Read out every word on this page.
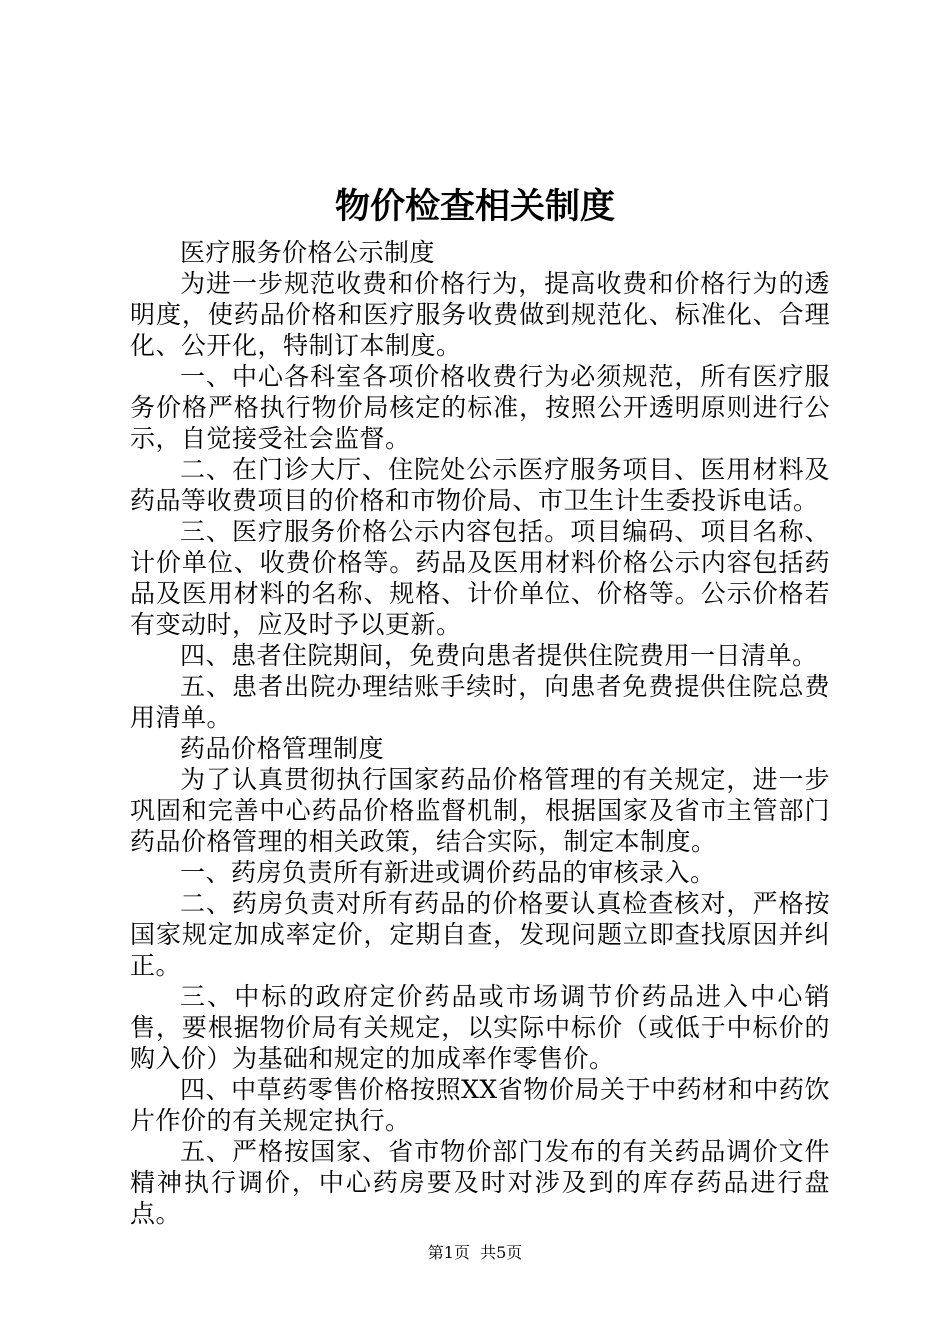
物价检查相关制度

医疗服务价格公示制度

为进一步规范收费和价格行为，提高收费和价格行为的透明度，使药品价格和医疗服务收费做到规范化、标准化、合理化、公开化，特制订本制度。

一、中心各科室各项价格收费行为必须规范，所有医疗服务价格严格执行物价局核定的标准，按照公开透明原则进行公示，自觉接受社会监督。

二、在门诊大厅、住院处公示医疗服务项目、医用材料及药品等收费项目的价格和市物价局、市卫生计生委投诉电话。

三、医疗服务价格公示内容包括。项目编码、项目名称、计价单位、收费价格等。药品及医用材料价格公示内容包括药品及医用材料的名称、规格、计价单位、价格等。公示价格若有变动时，应及时予以更新。

四、患者住院期间，免费向患者提供住院费用一日清单。

五、患者出院办理结账手续时，向患者免费提供住院总费用清单。

药品价格管理制度

为了认真贯彻执行国家药品价格管理的有关规定，进一步巩固和完善中心药品价格监督机制，根据国家及省市主管部门药品价格管理的相关政策，结合实际，制定本制度。

一、药房负责所有新进或调价药品的审核录入。

二、药房负责对所有药品的价格要认真检查核对，严格按国家规定加成率定价，定期自查，发现问题立即查找原因并纠正。

三、中标的政府定价药品或市场调节价药品进入中心销售，要根据物价局有关规定，以实际中标价（或低于中标价的购入价）为基础和规定的加成率作零售价。

四、中草药零售价格按照XX省物价局关于中药材和中药饮片作价的有关规定执行。

五、严格按国家、省市物价部门发布的有关药品调价文件精神执行调价，中心药房要及时对涉及到的库存药品进行盘点。

第1页 共5页
